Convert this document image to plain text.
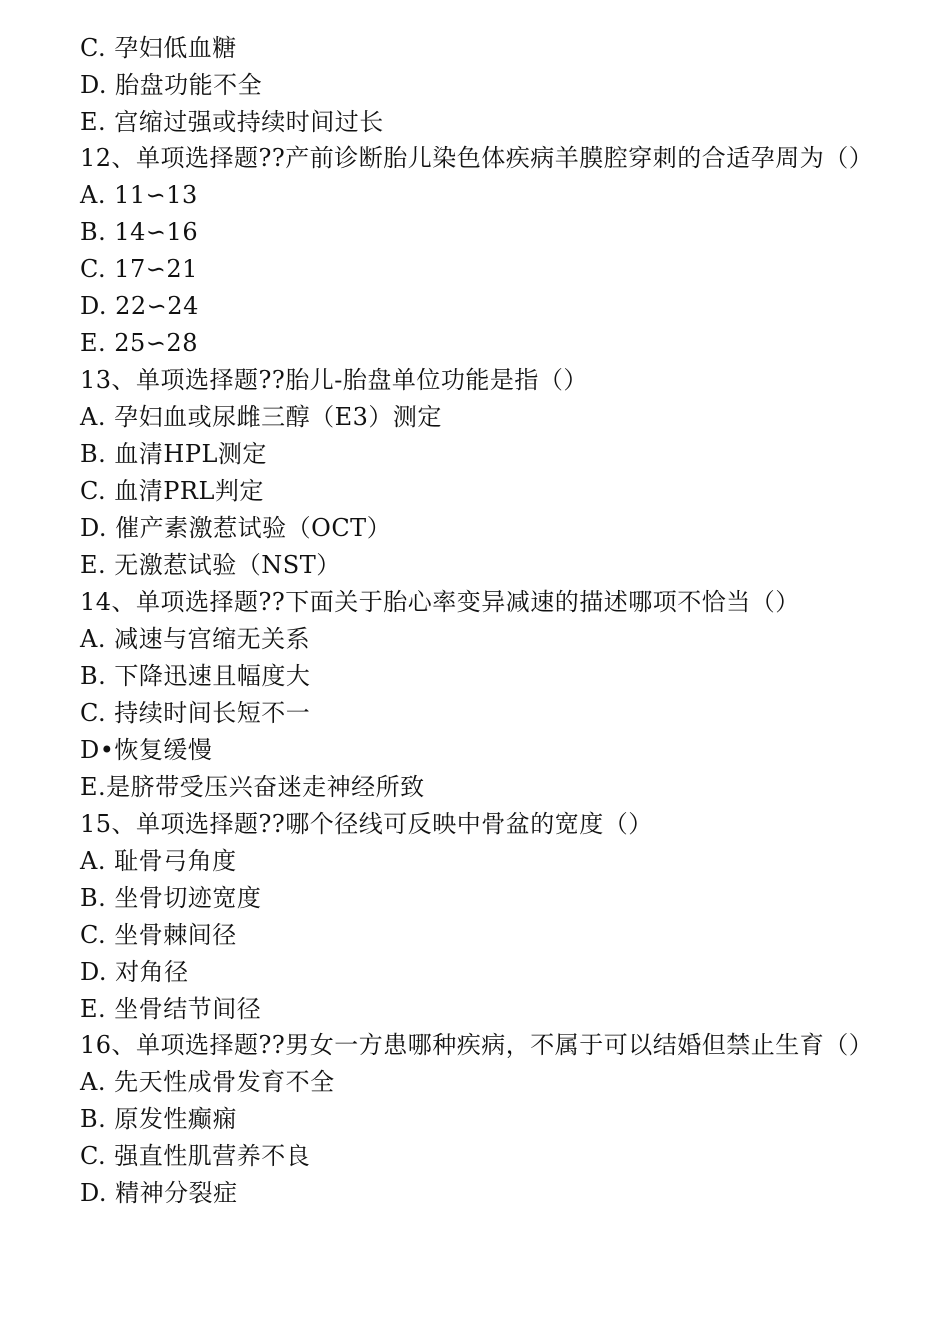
C. 孕妇低血糖
D. 胎盘功能不全
E. 宫缩过强或持续时间过长
12、单项选择题??产前诊断胎儿染色体疾病羊膜腔穿刺的合适孕周为（）
A. 11∽13
B. 14∽16
C. 17∽21
D. 22∽24
E. 25∽28
13、单项选择题??胎儿-胎盘单位功能是指（）
A. 孕妇血或尿雌三醇（E3）测定
B. 血清HPL测定
C. 血清PRL判定
D. 催产素激惹试验（OCT）
E. 无激惹试验（NST）
14、单项选择题??下面关于胎心率变异减速的描述哪项不恰当（）
A. 减速与宫缩无关系
B. 下降迅速且幅度大
C. 持续时间长短不一
D•恢复缓慢
E.是脐带受压兴奋迷走神经所致
15、单项选择题??哪个径线可反映中骨盆的宽度（）
A. 耻骨弓角度
B. 坐骨切迹宽度
C. 坐骨棘间径
D. 对角径
E. 坐骨结节间径
16、单项选择题??男女一方患哪种疾病，不属于可以结婚但禁止生育（）
A. 先天性成骨发育不全
B. 原发性癫痫
C. 强直性肌营养不良
D. 精神分裂症
